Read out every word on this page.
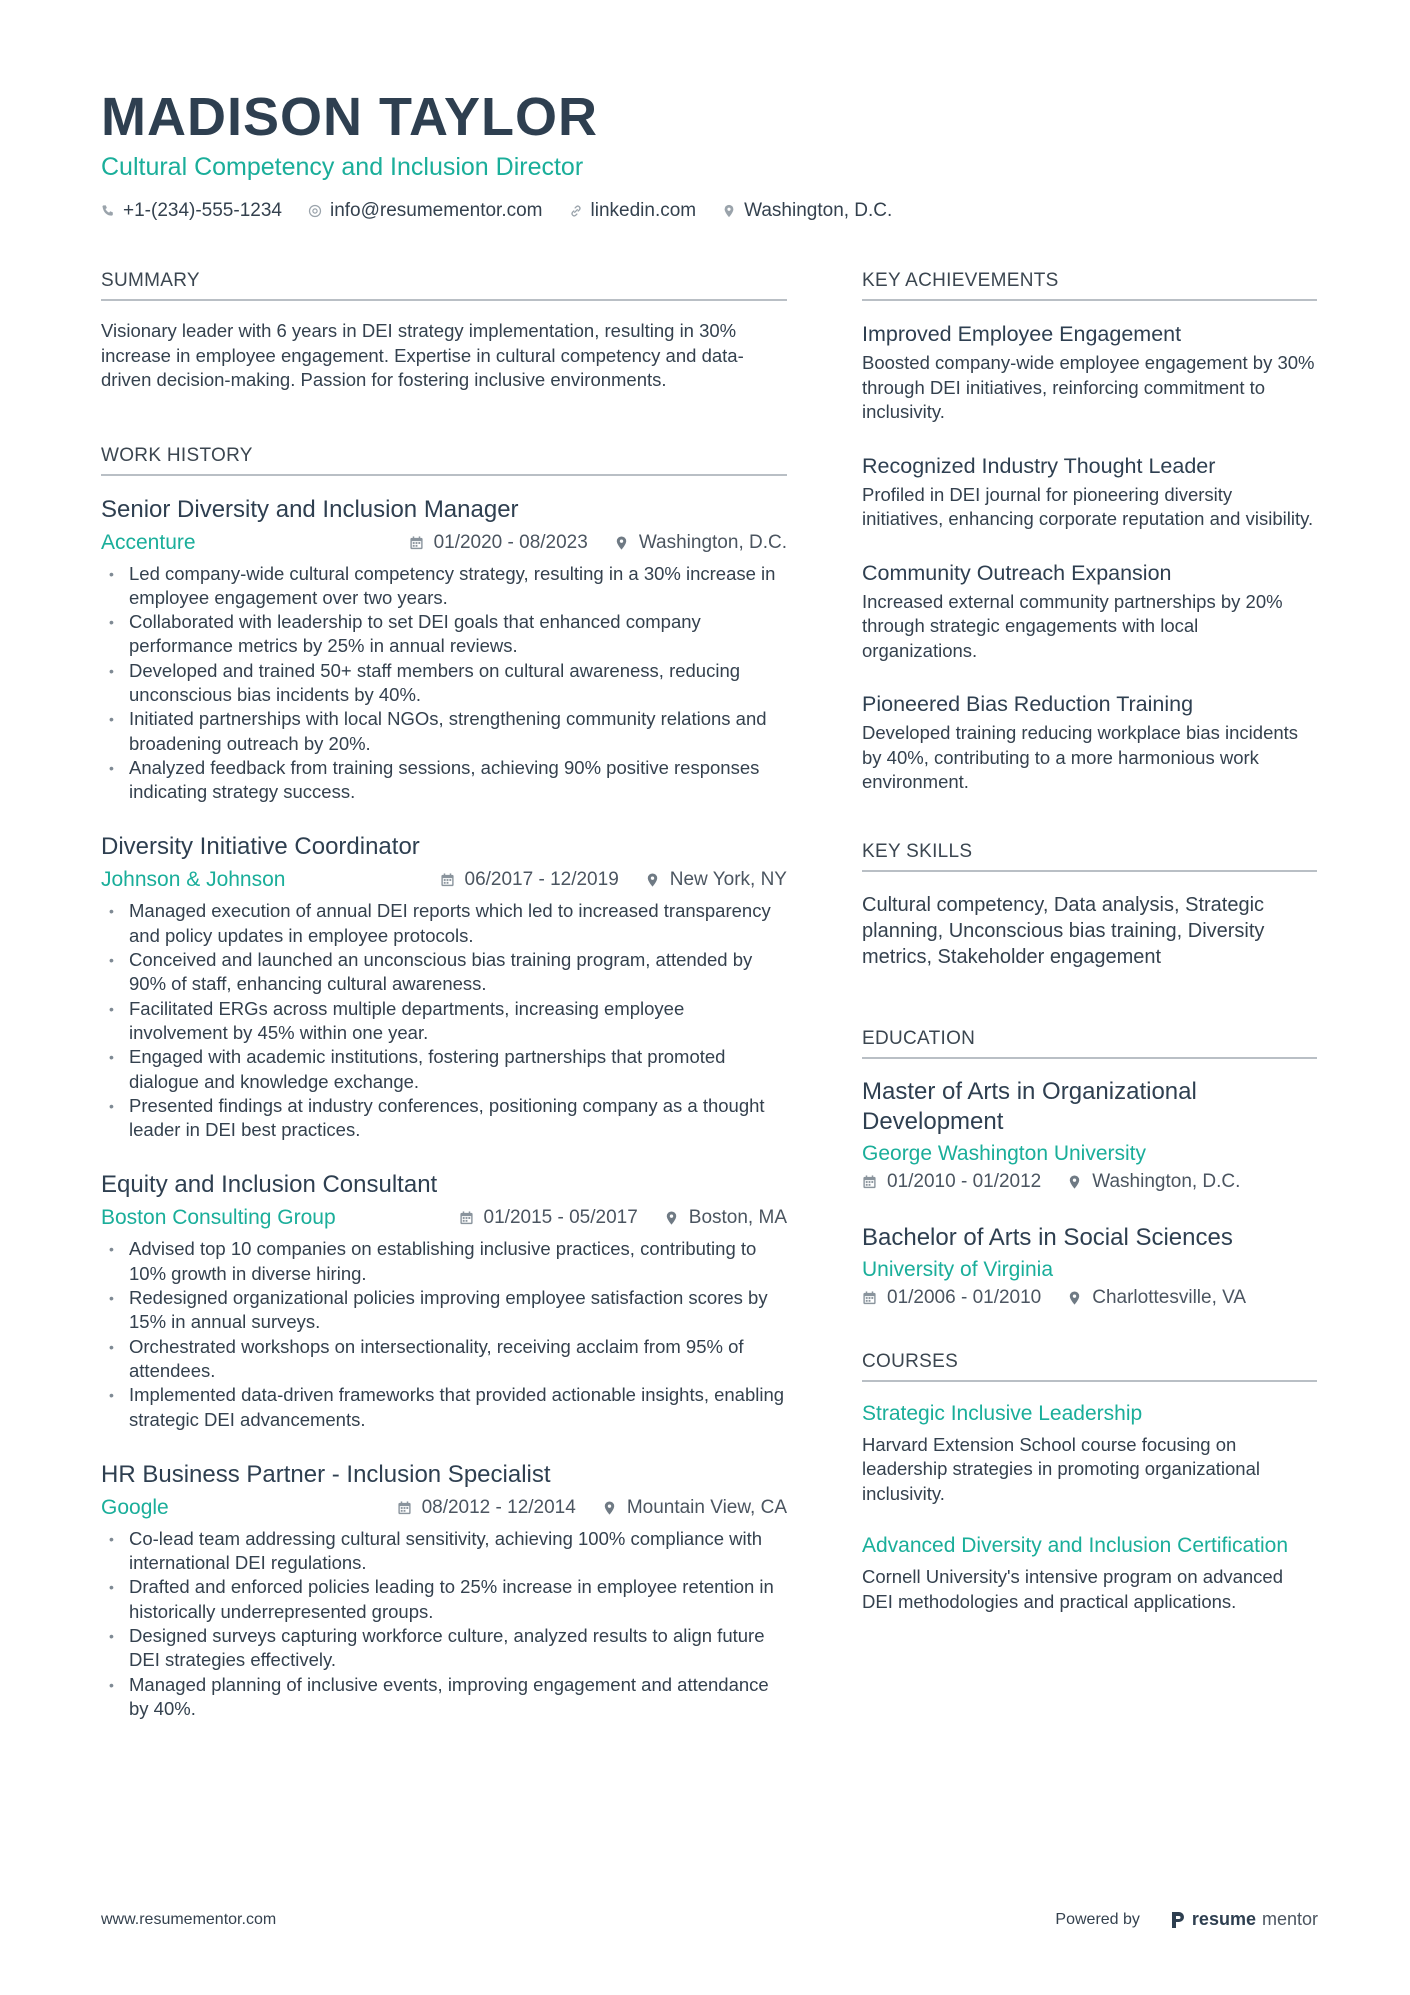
MADISON TAYLOR
Cultural Competency and Inclusion Director
+1-(234)-555-1234	info@resumementor.com	linkedin.com	Washington, D.C.
SUMMARY
Visionary leader with 6 years in DEI strategy implementation, resulting in 30% increase in employee engagement. Expertise in cultural competency and data-driven decision-making. Passion for fostering inclusive environments.
WORK HISTORY
Senior Diversity and Inclusion Manager
Accenture	01/2020 - 08/2023	Washington, D.C.
• Led company-wide cultural competency strategy, resulting in a 30% increase in employee engagement over two years.
• Collaborated with leadership to set DEI goals that enhanced company performance metrics by 25% in annual reviews.
• Developed and trained 50+ staff members on cultural awareness, reducing unconscious bias incidents by 40%.
• Initiated partnerships with local NGOs, strengthening community relations and broadening outreach by 20%.
• Analyzed feedback from training sessions, achieving 90% positive responses indicating strategy success.
Diversity Initiative Coordinator
Johnson & Johnson	06/2017 - 12/2019	New York, NY
• Managed execution of annual DEI reports which led to increased transparency and policy updates in employee protocols.
• Conceived and launched an unconscious bias training program, attended by 90% of staff, enhancing cultural awareness.
• Facilitated ERGs across multiple departments, increasing employee involvement by 45% within one year.
• Engaged with academic institutions, fostering partnerships that promoted dialogue and knowledge exchange.
• Presented findings at industry conferences, positioning company as a thought leader in DEI best practices.
Equity and Inclusion Consultant
Boston Consulting Group	01/2015 - 05/2017	Boston, MA
• Advised top 10 companies on establishing inclusive practices, contributing to 10% growth in diverse hiring.
• Redesigned organizational policies improving employee satisfaction scores by 15% in annual surveys.
• Orchestrated workshops on intersectionality, receiving acclaim from 95% of attendees.
• Implemented data-driven frameworks that provided actionable insights, enabling strategic DEI advancements.
HR Business Partner - Inclusion Specialist
Google	08/2012 - 12/2014	Mountain View, CA
• Co-lead team addressing cultural sensitivity, achieving 100% compliance with international DEI regulations.
• Drafted and enforced policies leading to 25% increase in employee retention in historically underrepresented groups.
• Designed surveys capturing workforce culture, analyzed results to align future DEI strategies effectively.
• Managed planning of inclusive events, improving engagement and attendance by 40%.
KEY ACHIEVEMENTS
Improved Employee Engagement
Boosted company-wide employee engagement by 30% through DEI initiatives, reinforcing commitment to inclusivity.
Recognized Industry Thought Leader
Profiled in DEI journal for pioneering diversity initiatives, enhancing corporate reputation and visibility.
Community Outreach Expansion
Increased external community partnerships by 20% through strategic engagements with local organizations.
Pioneered Bias Reduction Training
Developed training reducing workplace bias incidents by 40%, contributing to a more harmonious work environment.
KEY SKILLS
Cultural competency, Data analysis, Strategic planning, Unconscious bias training, Diversity metrics, Stakeholder engagement
EDUCATION
Master of Arts in Organizational Development
George Washington University
01/2010 - 01/2012	Washington, D.C.
Bachelor of Arts in Social Sciences
University of Virginia
01/2006 - 01/2010	Charlottesville, VA
COURSES
Strategic Inclusive Leadership
Harvard Extension School course focusing on leadership strategies in promoting organizational inclusivity.
Advanced Diversity and Inclusion Certification
Cornell University's intensive program on advanced DEI methodologies and practical applications.
www.resumementor.com	Powered by	resume mentor
